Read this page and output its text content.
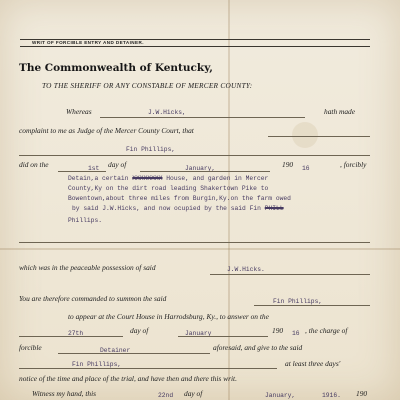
WRIT OF FORCIBLE ENTRY AND DETAINER.
The Commonwealth of Kentucky,
TO THE SHERIFF OR ANY CONSTABLE OF MERCER COUNTY:
Whereas	J.W.Hicks,	hath made
complaint to me as Judge of the Mercer County Court, that
Fin Phillips,
did on the	1st day of	January,	190 16	, forcibly
Detain,a certain XXXXXXXX House, and garden in Mercer
County,Ky on the dirt road leading Shakertown Pike to
Bowentown,about three miles from Burgin,Ky.on the farm owed
by said J.W.Hicks, and now ocupied by the said Fin PHILL
Phillips.
which was in the peaceable possession of said	J.W.Hicks.
You are therefore commanded to summon the said	Fin Phillips,
to appear at the Court House in Harrodsburg, Ky., to answer on the
27th	day of	January	190 16 , the charge of
forcible	Detainer	aforesaid, and give to the said
Fin Phillips,	at least three days'
notice of the time and place of the trial, and have then and there this writ.
Witness my hand, this	22nd day of	January,	1916. 190
